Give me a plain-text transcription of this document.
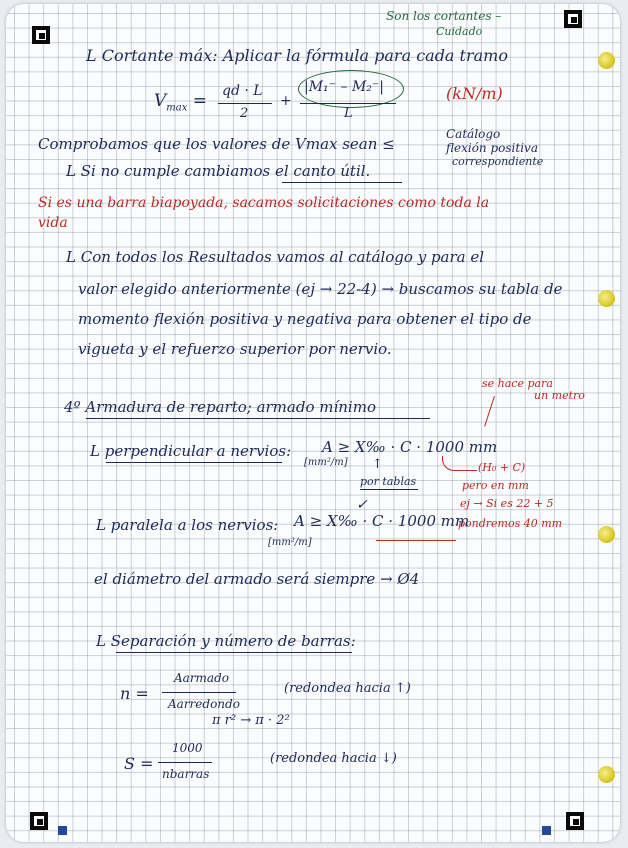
Son los cortantes –
Cuidado
L Cortante máx: Aplicar la fórmula para cada tramo
$V_{max}$ = qd · L
2
+
|M₁⁻ – M₂⁻|
L
(kN/m)
Comprobamos que los valores de Vmax sean ≤
Catálogo
flexión positiva
correspondiente
L Si no cumple cambiamos el canto útil.
Si es una barra biapoyada, sacamos solicitaciones como toda la
vida
L Con todos los Resultados vamos al catálogo y para el
valor elegido anteriormente (ej → 22-4) → buscamos su tabla de
momento flexión positiva y negativa para obtener el tipo de
vigueta y el refuerzo superior por nervio.
se hace para
un metro
4º Armadura de reparto; armado mínimo
L perpendicular a nervios: A ≥ X‰ · C · 1000 mm
[mm²/m] ↑
por tablas
✓
(H₀ + C)
pero en mm
ej → Si es 22 + 5
pondremos 40 mm
L paralela a los nervios: A ≥ X‰ · C · 1000 mm
[mm²/m]
el diámetro del armado será siempre → Ø4
L Separación y número de barras:
n =
Aarmado
Aarredondo
(redondea hacia ↑)
π r² → π · 2²
S =
1000
nbarras
(redondea hacia ↓)
